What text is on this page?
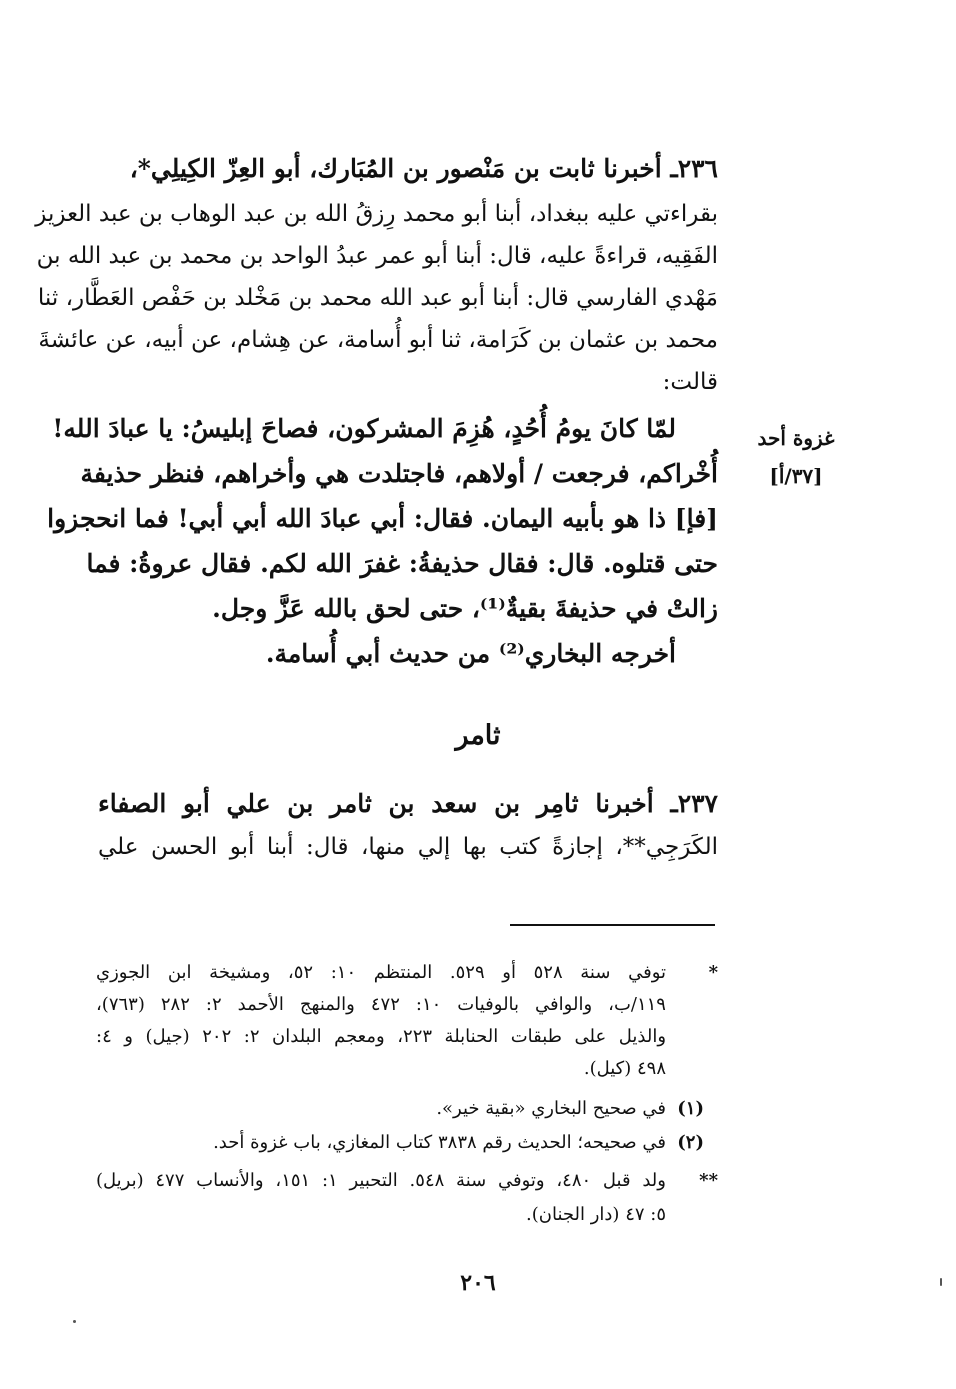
٢٣٦ـ أخبرنا ثابت بن مَنْصور بن المُبَارك، أبو العِزّ الكِيلِي*،
بقراءتي عليه ببغداد، أبنا أبو محمد رِزقُ الله بن عبد الوهاب بن عبد العزيز
الفَقِيه، قراءةً عليه، قال: أبنا أبو عمر عبدُ الواحد بن محمد بن عبد الله بن
مَهْدي الفارسي قال: أبنا أبو عبد الله محمد بن مَخْلد بن حَفْص العَطَّار، ثنا
محمد بن عثمان بن كَرَامة، ثنا أبو أُسامة، عن هِشام، عن أبيه، عن عائشةَ
قالت:
غزوة أحد
[٣٧/أ]
لمّا كانَ يومُ أُحُدٍ، هُزِمَ المشركون، فصاحَ إبليسُ: يا عبادَ الله!
أُخْراكم، فرجعت / أولاهم، فاجتلدت هي وأخراهم، فنظر حذيفة
[فإ] ذا هو بأبيه اليمان. فقال: أبي عبادَ الله أبي أبي! فما انحجزوا
حتى قتلوه. قال: فقال حذيفةُ: غفرَ الله لكم. فقال عروةُ: فما
زالتْ في حذيفةَ بقيةٌ⁽¹⁾، حتى لحق بالله عَزَّ وجل.
أخرجه البخاري⁽²⁾ من حديث أبي أُسامة.
ثامر
٢٣٧ـ أخبرنا ثامِر بن سعد بن ثامر بن علي أبو الصفاء
الكَرَجِي**، إجازةً كتب بها إلي منها، قال: أبنا أبو الحسن علي
*
توفي سنة ٥٢٨ أو ٥٢٩. المنتظم ١٠: ٥٢، ومشيخة ابن الجوزي
١١٩/ب، والوافي بالوفيات ١٠: ٤٧٢ والمنهج الأحمد ٢: ٢٨٢ (٧٦٣)،
والذيل على طبقات الحنابلة ٢٢٣، ومعجم البلدان ٢: ٢٠٢ (جيل) و ٤:
٤٩٨ (كيل).
(١)
في صحيح البخاري «بقية خير».
(٢)
في صحيحه؛ الحديث رقم ٣٨٣٨ كتاب المغازي، باب غزوة أحد.
**
ولد قبل ٤٨٠، وتوفي سنة ٥٤٨. التحبير ١: ١٥١، والأنساب ٤٧٧ (بريل)
٥: ٤٧ (دار الجنان).
٢٠٦
